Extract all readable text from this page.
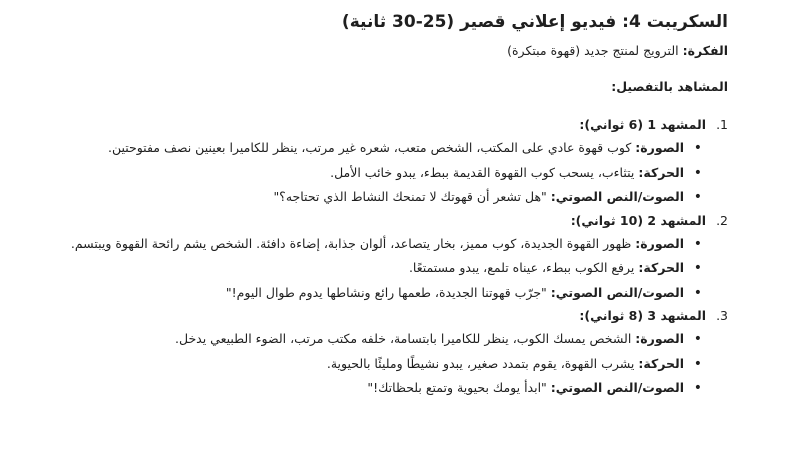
السكريبت 4: فيديو إعلاني قصير (25-30 ثانية)

الفكرة: الترويج لمنتج جديد (قهوة مبتكرة)

المشاهد بالتفصيل:

1.
المشهد 1 (6 ثواني):
•
الصورة: كوب قهوة عادي على المكتب، الشخص متعب، شعره غير مرتب، ينظر للكاميرا بعينين نصف مفتوحتين.
•
الحركة: يتثاءب، يسحب كوب القهوة القديمة ببطء، يبدو خائب الأمل.
•
الصوت/النص الصوتي: "هل تشعر أن قهوتك لا تمنحك النشاط الذي تحتاجه؟"
2.
المشهد 2 (10 ثواني):
•
الصورة: ظهور القهوة الجديدة، كوب مميز، بخار يتصاعد، ألوان جذابة، إضاءة دافئة. الشخص يشم رائحة القهوة ويبتسم.
•
الحركة: يرفع الكوب ببطء، عيناه تلمع، يبدو مستمتعًا.
•
الصوت/النص الصوتي: "جرّب قهوتنا الجديدة، طعمها رائع ونشاطها يدوم طوال اليوم!"
3.
المشهد 3 (8 ثواني):
•
الصورة: الشخص يمسك الكوب، ينظر للكاميرا بابتسامة، خلفه مكتب مرتب، الضوء الطبيعي يدخل.
•
الحركة: يشرب القهوة، يقوم بتمدد صغير، يبدو نشيطًا ومليئًا بالحيوية.
•
الصوت/النص الصوتي: "ابدأ يومك بحيوية وتمتع بلحظاتك!"
